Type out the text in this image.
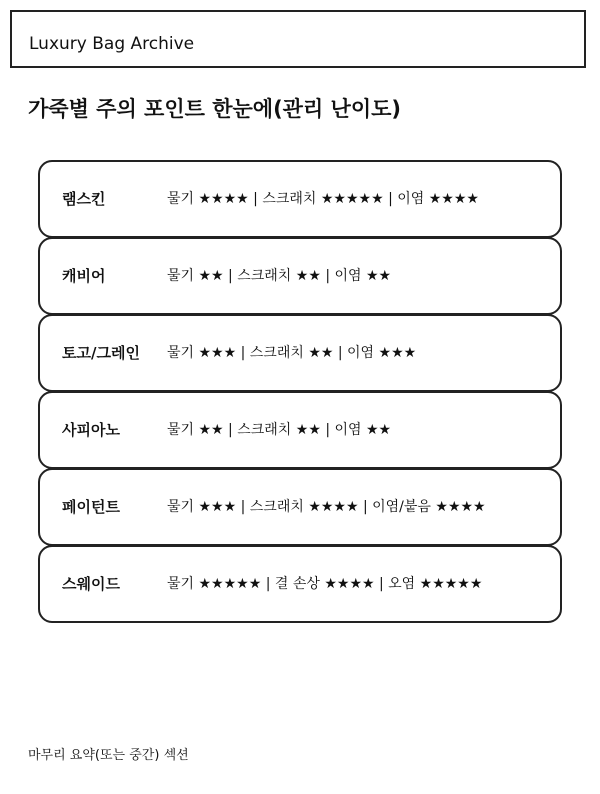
Luxury Bag Archive
가죽별 주의 포인트 한눈에(관리 난이도)
램스킨	물기 ★★★★ | 스크래치 ★★★★★ | 이염 ★★★★
캐비어	물기 ★★ | 스크래치 ★★ | 이염 ★★
토고/그레인 물기 ★★★ | 스크래치 ★★ | 이염 ★★★
사피아노	물기 ★★ | 스크래치 ★★ | 이염 ★★
페이턴트	물기 ★★★ | 스크래치 ★★★★ | 이염/붙음 ★★★★
스웨이드	물기 ★★★★★ | 결 손상 ★★★★ | 오염 ★★★★★
마무리 요약(또는 중간) 섹션
